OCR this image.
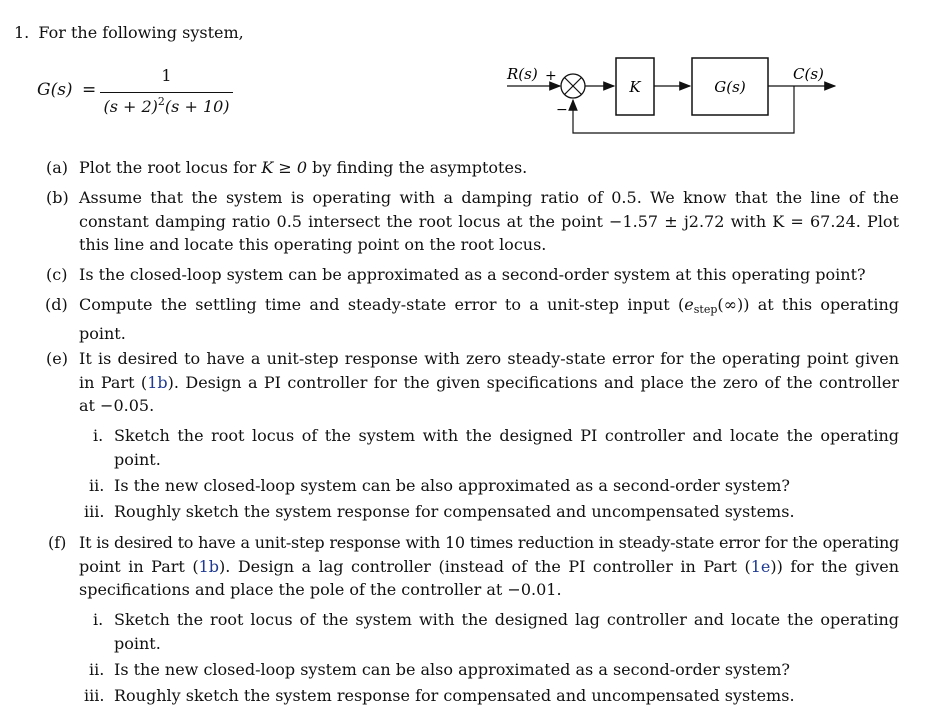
1. For the following system,
G(s) =
1
$(s + 2)^2(s + 10)$
R(s) +
−
K	G(s)
C(s)
(a) Plot the root locus for K ≥ 0 by finding the asymptotes.
(b) Assume that the system is operating with a damping ratio of 0.5. We know that the line of the
constant damping ratio 0.5 intersect the root locus at the point −1.57 ± j2.72 with K = 67.24. Plot
this line and locate this operating point on the root locus.
(c) Is the closed-loop system can be approximated as a second-order system at this operating point?
(d) Compute the settling time and steady-state error to a unit-step input $(e_{step}(\infty))$ at this operating
point.
(e) It is desired to have a unit-step response with zero steady-state error for the operating point given
in Part (1b). Design a PI controller for the given specifications and place the zero of the controller
at −0.05.
i. Sketch the root locus of the system with the designed PI controller and locate the operating
point.
ii. Is the new closed-loop system can be also approximated as a second-order system?
iii. Roughly sketch the system response for compensated and uncompensated systems.
(f) It is desired to have a unit-step response with 10 times reduction in steady-state error for the operating
point in Part (1b). Design a lag controller (instead of the PI controller in Part (1e)) for the given
specifications and place the pole of the controller at −0.01.
i. Sketch the root locus of the system with the designed lag controller and locate the operating
point.
ii. Is the new closed-loop system can be also approximated as a second-order system?
iii. Roughly sketch the system response for compensated and uncompensated systems.
